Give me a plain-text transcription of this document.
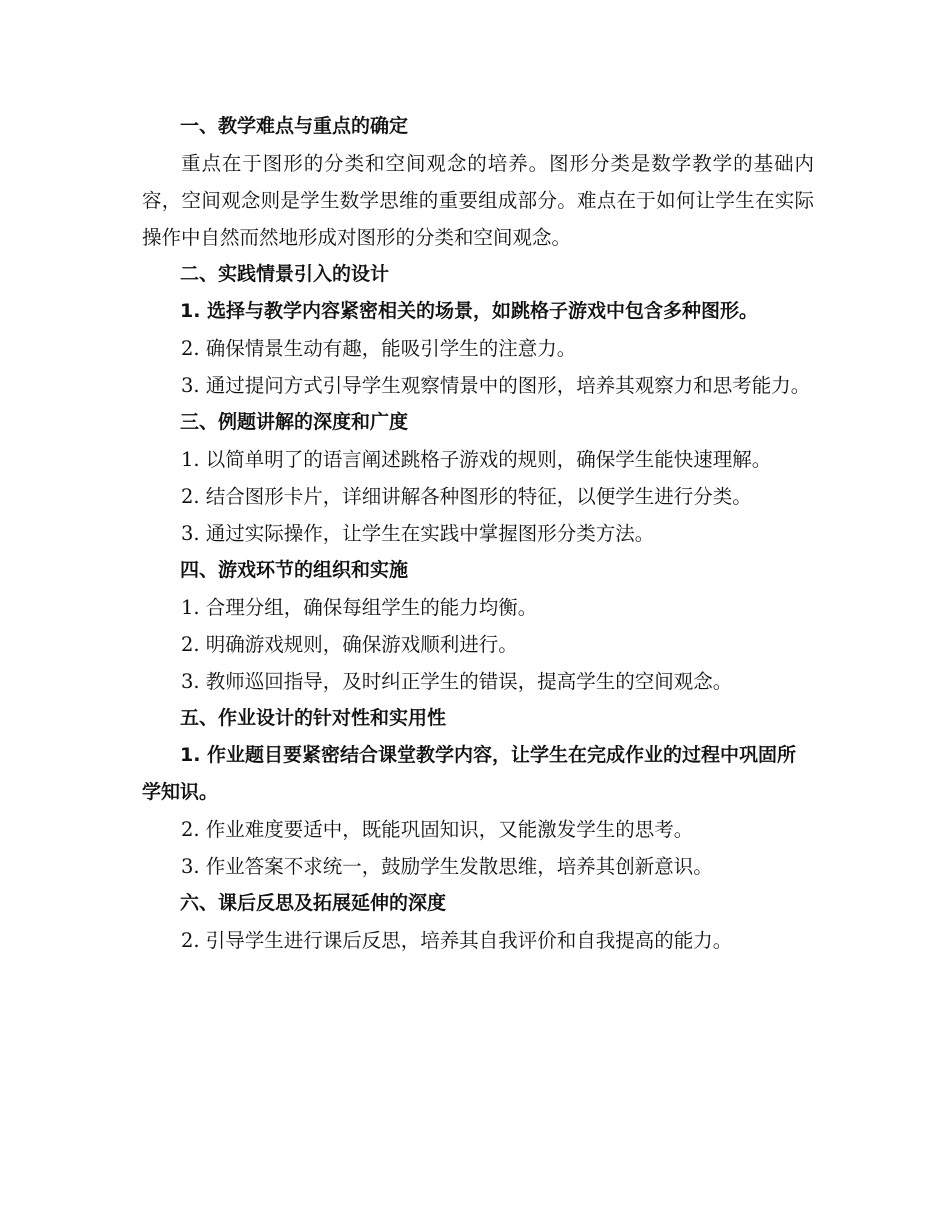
一、教学难点与重点的确定

重点在于图形的分类和空间观念的培养。图形分类是数学教学的基础内容，空间观念则是学生数学思维的重要组成部分。难点在于如何让学生在实际操作中自然而然地形成对图形的分类和空间观念。

二、实践情景引入的设计

1. 选择与教学内容紧密相关的场景，如跳格子游戏中包含多种图形。

2. 确保情景生动有趣，能吸引学生的注意力。

3. 通过提问方式引导学生观察情景中的图形，培养其观察力和思考能力。

三、例题讲解的深度和广度

1. 以简单明了的语言阐述跳格子游戏的规则，确保学生能快速理解。

2. 结合图形卡片，详细讲解各种图形的特征，以便学生进行分类。

3. 通过实际操作，让学生在实践中掌握图形分类方法。

四、游戏环节的组织和实施

1. 合理分组，确保每组学生的能力均衡。

2. 明确游戏规则，确保游戏顺利进行。

3. 教师巡回指导，及时纠正学生的错误，提高学生的空间观念。

五、作业设计的针对性和实用性

1. 作业题目要紧密结合课堂教学内容，让学生在完成作业的过程中巩固所学知识。

2. 作业难度要适中，既能巩固知识，又能激发学生的思考。

3. 作业答案不求统一，鼓励学生发散思维，培养其创新意识。

六、课后反思及拓展延伸的深度

2. 引导学生进行课后反思，培养其自我评价和自我提高的能力。
